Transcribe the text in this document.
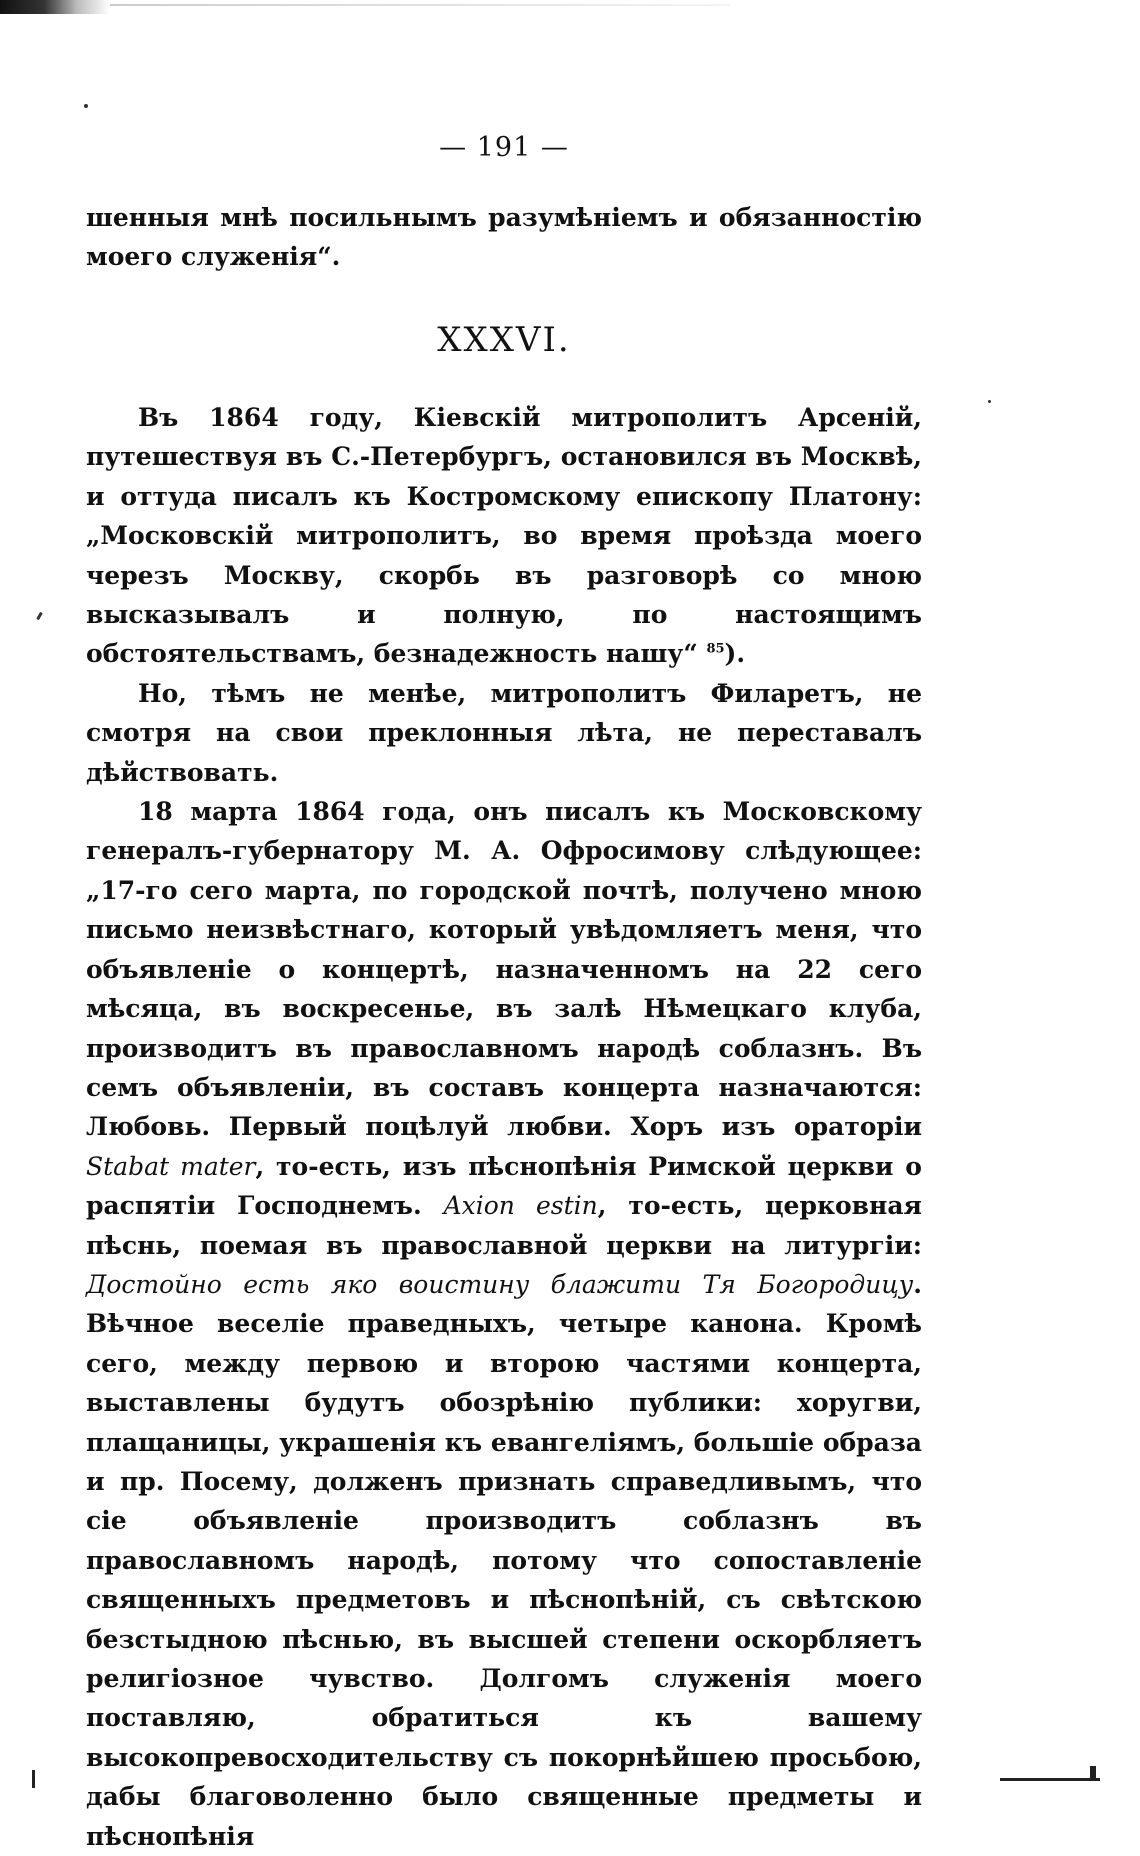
— 191 —

шенныя мнѣ посильнымъ разумѣніемъ и обязанностію моего служенія“.

XXXVI.

Въ 1864 году, Кіевскій митрополитъ Арсеній, путешествуя въ С.-Петербургъ, остановился въ Москвѣ, и оттуда писалъ къ Костромскому епископу Платону: „Московскій митрополитъ, во время проѣзда моего черезъ Москву, скорбь въ разговорѣ со мною высказывалъ и полную, по настоящимъ обстоятельствамъ, безнадежность нашу“ $^{85}$).

Но, тѣмъ не менѣе, митрополитъ Филаретъ, не смотря на свои преклонныя лѣта, не переставалъ дѣйствовать.

18 марта 1864 года, онъ писалъ къ Московскому генералъ-губернатору М. А. Офросимову слѣдующее: „17-го сего марта, по городской почтѣ, получено мною письмо неизвѣстнаго, который увѣдомляетъ меня, что объявленіе о концертѣ, назначенномъ на 22 сего мѣсяца, въ воскресенье, въ залѣ Нѣмецкаго клуба, производитъ въ православномъ народѣ соблазнъ. Въ семъ объявленіи, въ составъ концерта назначаются: Любовь. Первый поцѣлуй любви. Хоръ изъ ораторіи Stabat mater, то-есть, изъ пѣснопѣнія Римской церкви о распятіи Господнемъ. Axion estin, то-есть, церковная пѣснь, поемая въ православной церкви на литургіи: Достойно есть яко воистину блажити Тя Богородицу. Вѣчное веселіе праведныхъ, четыре канона. Кромѣ сего, между первою и второю частями концерта, выставлены будутъ обозрѣнію публики: хоругви, плащаницы, украшенія къ евангеліямъ, большіе образа и пр. Посему, долженъ признать справедливымъ, что сіе объявленіе производитъ соблазнъ въ православномъ народѣ, потому что сопоставленіе священныхъ предметовъ и пѣснопѣній, съ свѣтскою безстыдною пѣснью, въ высшей степени оскорбляетъ религіозное чувство. Долгомъ служенія моего поставляю, обратиться къ вашему высокопревосходительству съ покорнѣйшею просьбою, дабы благоволенно было священные предметы и пѣснопѣнія
